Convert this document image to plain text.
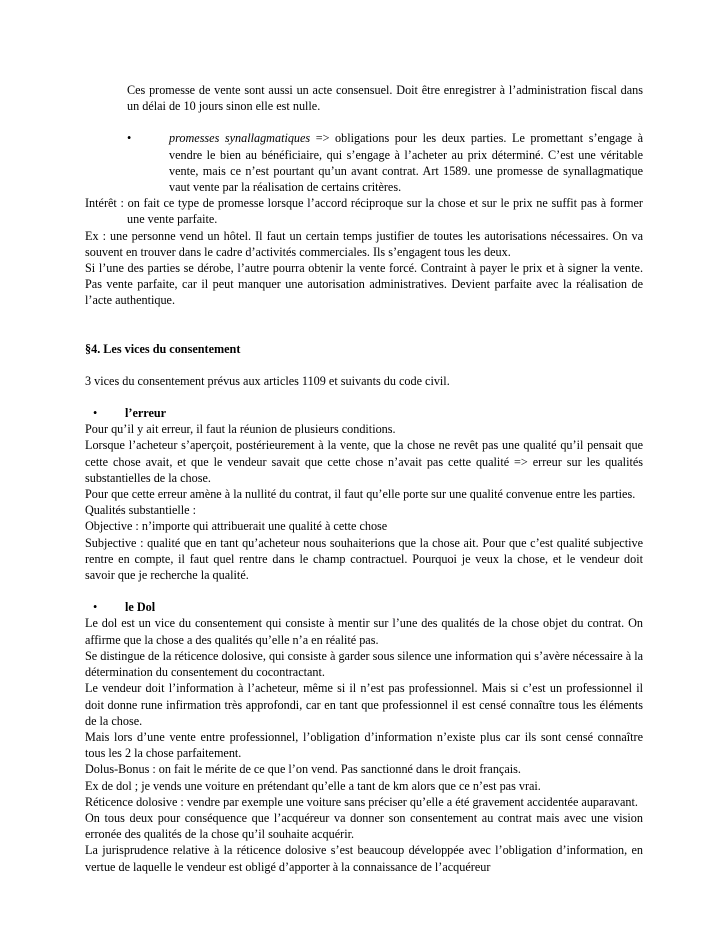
Ces promesse de vente sont aussi un acte consensuel. Doit être enregistrer à l’administration fiscal dans un délai de 10 jours sinon elle est nulle.

•	promesses synallagmatiques => obligations pour les deux parties. Le promettant s’engage à vendre le bien au bénéficiaire, qui s’engage à l’acheter au prix déterminé. C’est une véritable vente, mais ce n’est pourtant qu’un avant contrat. Art 1589. une promesse de synallagmatique vaut vente par la réalisation de certains critères.

Intérêt : on fait ce type de promesse lorsque l’accord réciproque sur la chose et sur le prix ne suffit pas à former une vente parfaite.

Ex : une personne vend un hôtel. Il faut un certain temps justifier de toutes les autorisations nécessaires. On va souvent en trouver dans le cadre d’activités commerciales. Ils s’engagent tous les deux.

Si l’une des parties se dérobe, l’autre pourra obtenir la vente forcé. Contraint à payer le prix et à signer la vente. Pas vente parfaite, car il peut manquer une autorisation administratives. Devient parfaite avec la réalisation de l’acte authentique.

§4. Les vices du consentement

3 vices du consentement prévus aux articles 1109 et suivants du code civil.

•	l’erreur

Pour qu’il y ait erreur, il faut la réunion de plusieurs conditions.

Lorsque l’acheteur s’aperçoit, postérieurement à la vente, que la chose ne revêt pas une qualité qu’il pensait que cette chose avait, et que le vendeur savait que cette chose n’avait pas cette qualité => erreur sur les qualités substantielles de la chose.

Pour que cette erreur amène à la nullité du contrat, il faut qu’elle porte sur une qualité convenue entre les parties.

Qualités substantielle :

Objective : n’importe qui attribuerait une qualité à cette chose

Subjective : qualité que en tant qu’acheteur nous souhaiterions que la chose ait. Pour que c’est qualité subjective rentre en compte, il faut quel rentre dans le champ contractuel. Pourquoi je veux la chose, et le vendeur doit savoir que je recherche la qualité.

•	le Dol

Le dol est un vice du consentement qui consiste à mentir sur l’une des qualités de la chose objet du contrat. On affirme que la chose a des qualités qu’elle n’a en réalité pas.

Se distingue de la réticence dolosive, qui consiste à garder sous silence une information qui s’avère nécessaire à la détermination du consentement du cocontractant.

Le vendeur doit l’information à l’acheteur, même si il n’est pas professionnel. Mais si c’est un professionnel il doit donne rune infirmation très approfondi, car en tant que professionnel il est censé connaître tous les éléments de la chose.

Mais lors d’une vente entre professionnel, l’obligation d’information n’existe plus car ils sont censé connaître tous les 2 la chose parfaitement.

Dolus-Bonus : on fait le mérite de ce que l’on vend. Pas sanctionné dans le droit français.

Ex de dol ; je vends une voiture en prétendant qu’elle a tant de km alors que ce n’est pas vrai.

Réticence dolosive : vendre par exemple une voiture sans préciser qu’elle a été gravement accidentée auparavant.

On tous deux pour conséquence que l’acquéreur va donner son consentement au contrat mais avec une vision erronée des qualités de la chose qu’il souhaite acquérir.

La jurisprudence relative à la réticence dolosive s’est beaucoup développée avec l’obligation d’information, en vertue de laquelle le vendeur est obligé d’apporter à la connaissance de l’acquéreur
